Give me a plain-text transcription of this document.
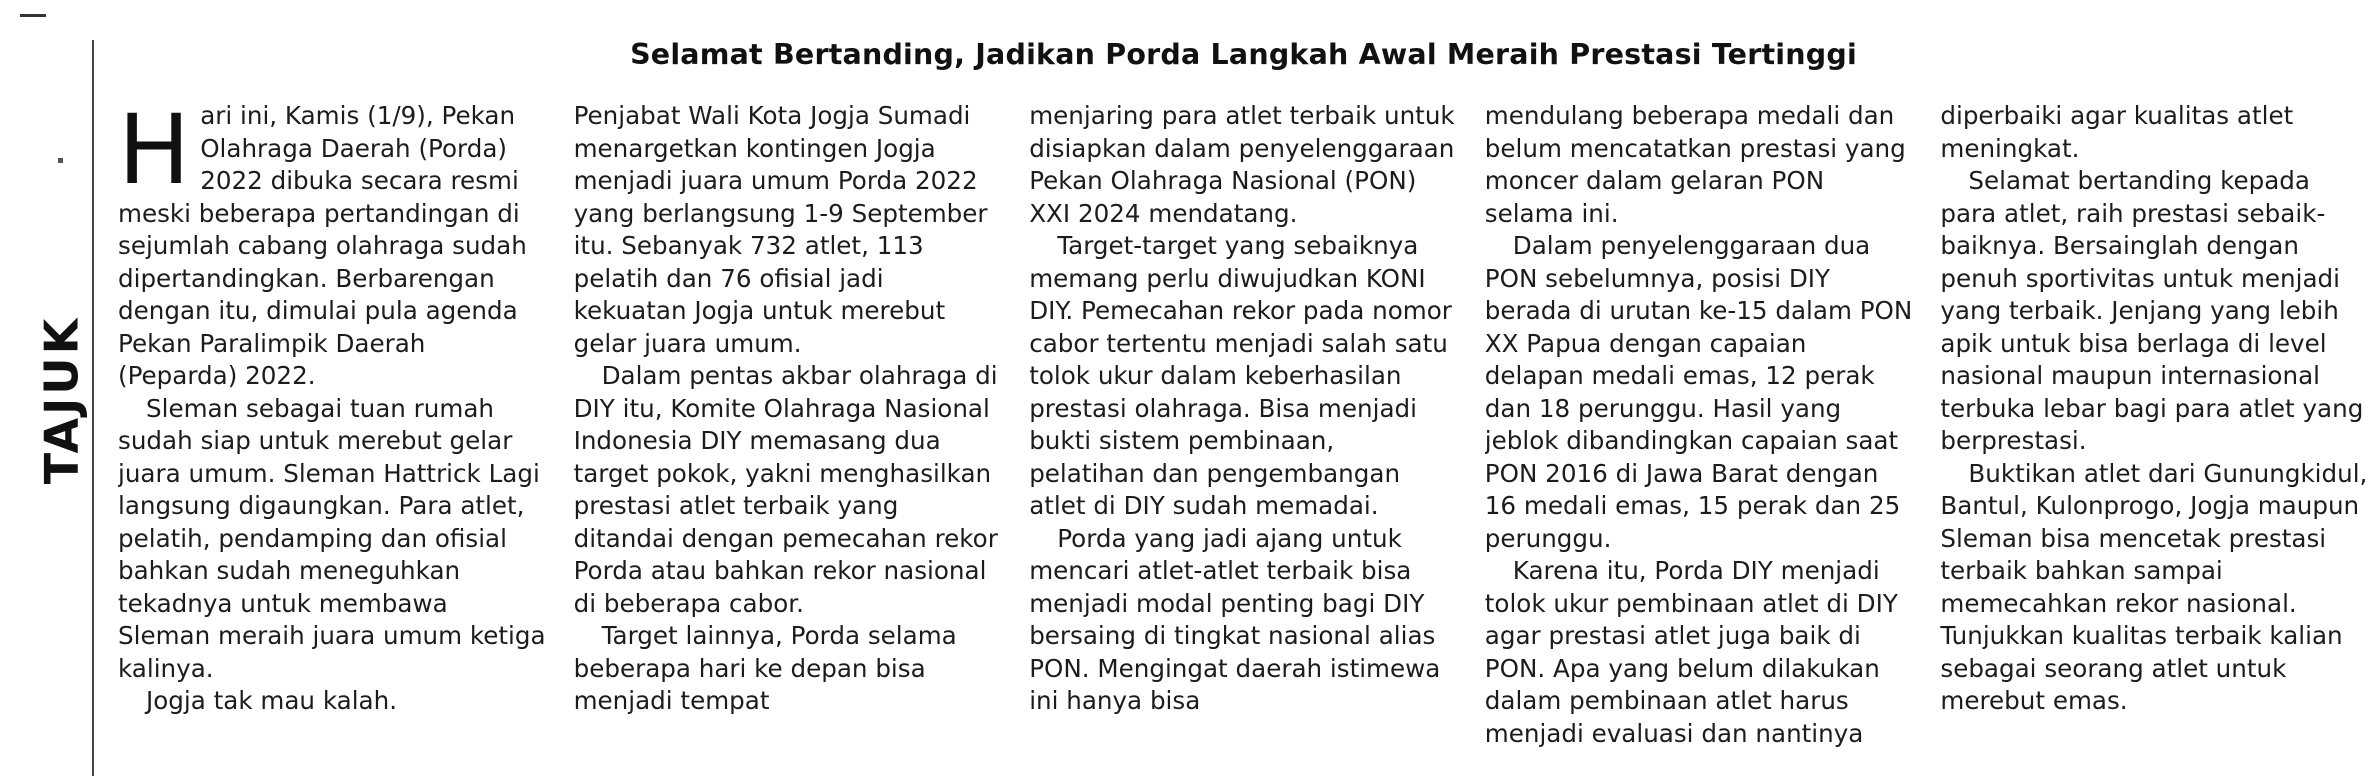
TAJUK
Selamat Bertanding, Jadikan Porda Langkah Awal Meraih Prestasi Tertinggi

Hari ini, Kamis (1/9), Pekan Olahraga Daerah (Porda) 2022 dibuka secara resmi meski beberapa pertandingan di sejumlah cabang olahraga sudah dipertandingkan. Berbarengan dengan itu, dimulai pula agenda Pekan Paralimpik Daerah (Peparda) 2022.

Sleman sebagai tuan rumah sudah siap untuk merebut gelar juara umum. Sleman Hattrick Lagi langsung digaungkan. Para atlet, pelatih, pendamping dan ofisial bahkan sudah meneguhkan tekadnya untuk membawa Sleman meraih juara umum ketiga kalinya.

Jogja tak mau kalah.

Penjabat Wali Kota Jogja Sumadi menargetkan kontingen Jogja menjadi juara umum Porda 2022 yang berlangsung 1-9 September itu. Sebanyak 732 atlet, 113 pelatih dan 76 ofisial jadi kekuatan Jogja untuk merebut gelar juara umum.

Dalam pentas akbar olahraga di DIY itu, Komite Olahraga Nasional Indonesia DIY memasang dua target pokok, yakni menghasilkan prestasi atlet terbaik yang ditandai dengan pemecahan rekor Porda atau bahkan rekor nasional di beberapa cabor.

Target lainnya, Porda selama beberapa hari ke depan bisa menjadi tempat

menjaring para atlet terbaik untuk disiapkan dalam penyelenggaraan Pekan Olahraga Nasional (PON) XXI 2024 mendatang.

Target-target yang sebaiknya memang perlu diwujudkan KONI DIY. Pemecahan rekor pada nomor cabor tertentu menjadi salah satu tolok ukur dalam keberhasilan prestasi olahraga. Bisa menjadi bukti sistem pembinaan, pelatihan dan pengembangan atlet di DIY sudah memadai.

Porda yang jadi ajang untuk mencari atlet-atlet terbaik bisa menjadi modal penting bagi DIY bersaing di tingkat nasional alias PON. Mengingat daerah istimewa ini hanya bisa

mendulang beberapa medali dan belum mencatatkan prestasi yang moncer dalam gelaran PON selama ini.

Dalam penyelenggaraan dua PON sebelumnya, posisi DIY berada di urutan ke-15 dalam PON XX Papua dengan capaian delapan medali emas, 12 perak dan 18 perunggu. Hasil yang jeblok dibandingkan capaian saat PON 2016 di Jawa Barat dengan 16 medali emas, 15 perak dan 25 perunggu.

Karena itu, Porda DIY menjadi tolok ukur pembinaan atlet di DIY agar prestasi atlet juga baik di PON. Apa yang belum dilakukan dalam pembinaan atlet harus menjadi evaluasi dan nantinya

diperbaiki agar kualitas atlet meningkat.

Selamat bertanding kepada para atlet, raih prestasi sebaik-baiknya. Bersainglah dengan penuh sportivitas untuk menjadi yang terbaik. Jenjang yang lebih apik untuk bisa berlaga di level nasional maupun internasional terbuka lebar bagi para atlet yang berprestasi.

Buktikan atlet dari Gunungkidul, Bantul, Kulonprogo, Jogja maupun Sleman bisa mencetak prestasi terbaik bahkan sampai memecahkan rekor nasional. Tunjukkan kualitas terbaik kalian sebagai seorang atlet untuk merebut emas.
